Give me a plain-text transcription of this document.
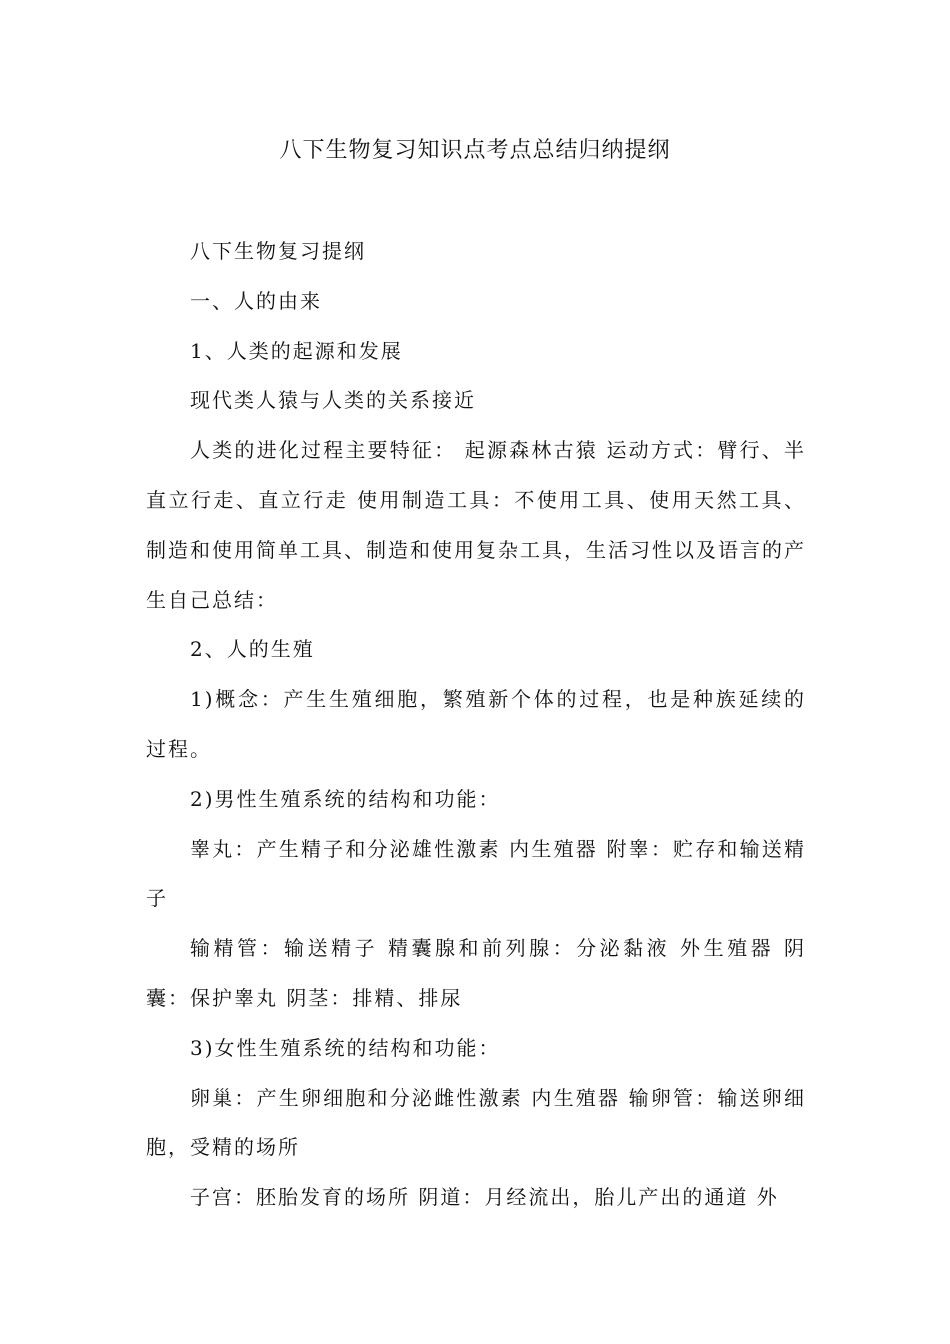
八下生物复习知识点考点总结归纳提纲

八下生物复习提纲

一、人的由来

1、人类的起源和发展

现代类人猿与人类的关系接近

人类的进化过程主要特征： 起源森林古猿 运动方式：臂行、半直立行走、直立行走 使用制造工具：不使用工具、使用天然工具、制造和使用简单工具、制造和使用复杂工具，生活习性以及语言的产生自己总结：

2、人的生殖

1)概念：产生生殖细胞，繁殖新个体的过程，也是种族延续的过程。

2)男性生殖系统的结构和功能：

睾丸：产生精子和分泌雄性激素 内生殖器 附睾：贮存和输送精子

输精管：输送精子 精囊腺和前列腺：分泌黏液 外生殖器 阴囊：保护睾丸 阴茎：排精、排尿

3)女性生殖系统的结构和功能：

卵巢：产生卵细胞和分泌雌性激素 内生殖器 输卵管：输送卵细胞，受精的场所

子宫：胚胎发育的场所 阴道：月经流出，胎儿产出的通道 外
